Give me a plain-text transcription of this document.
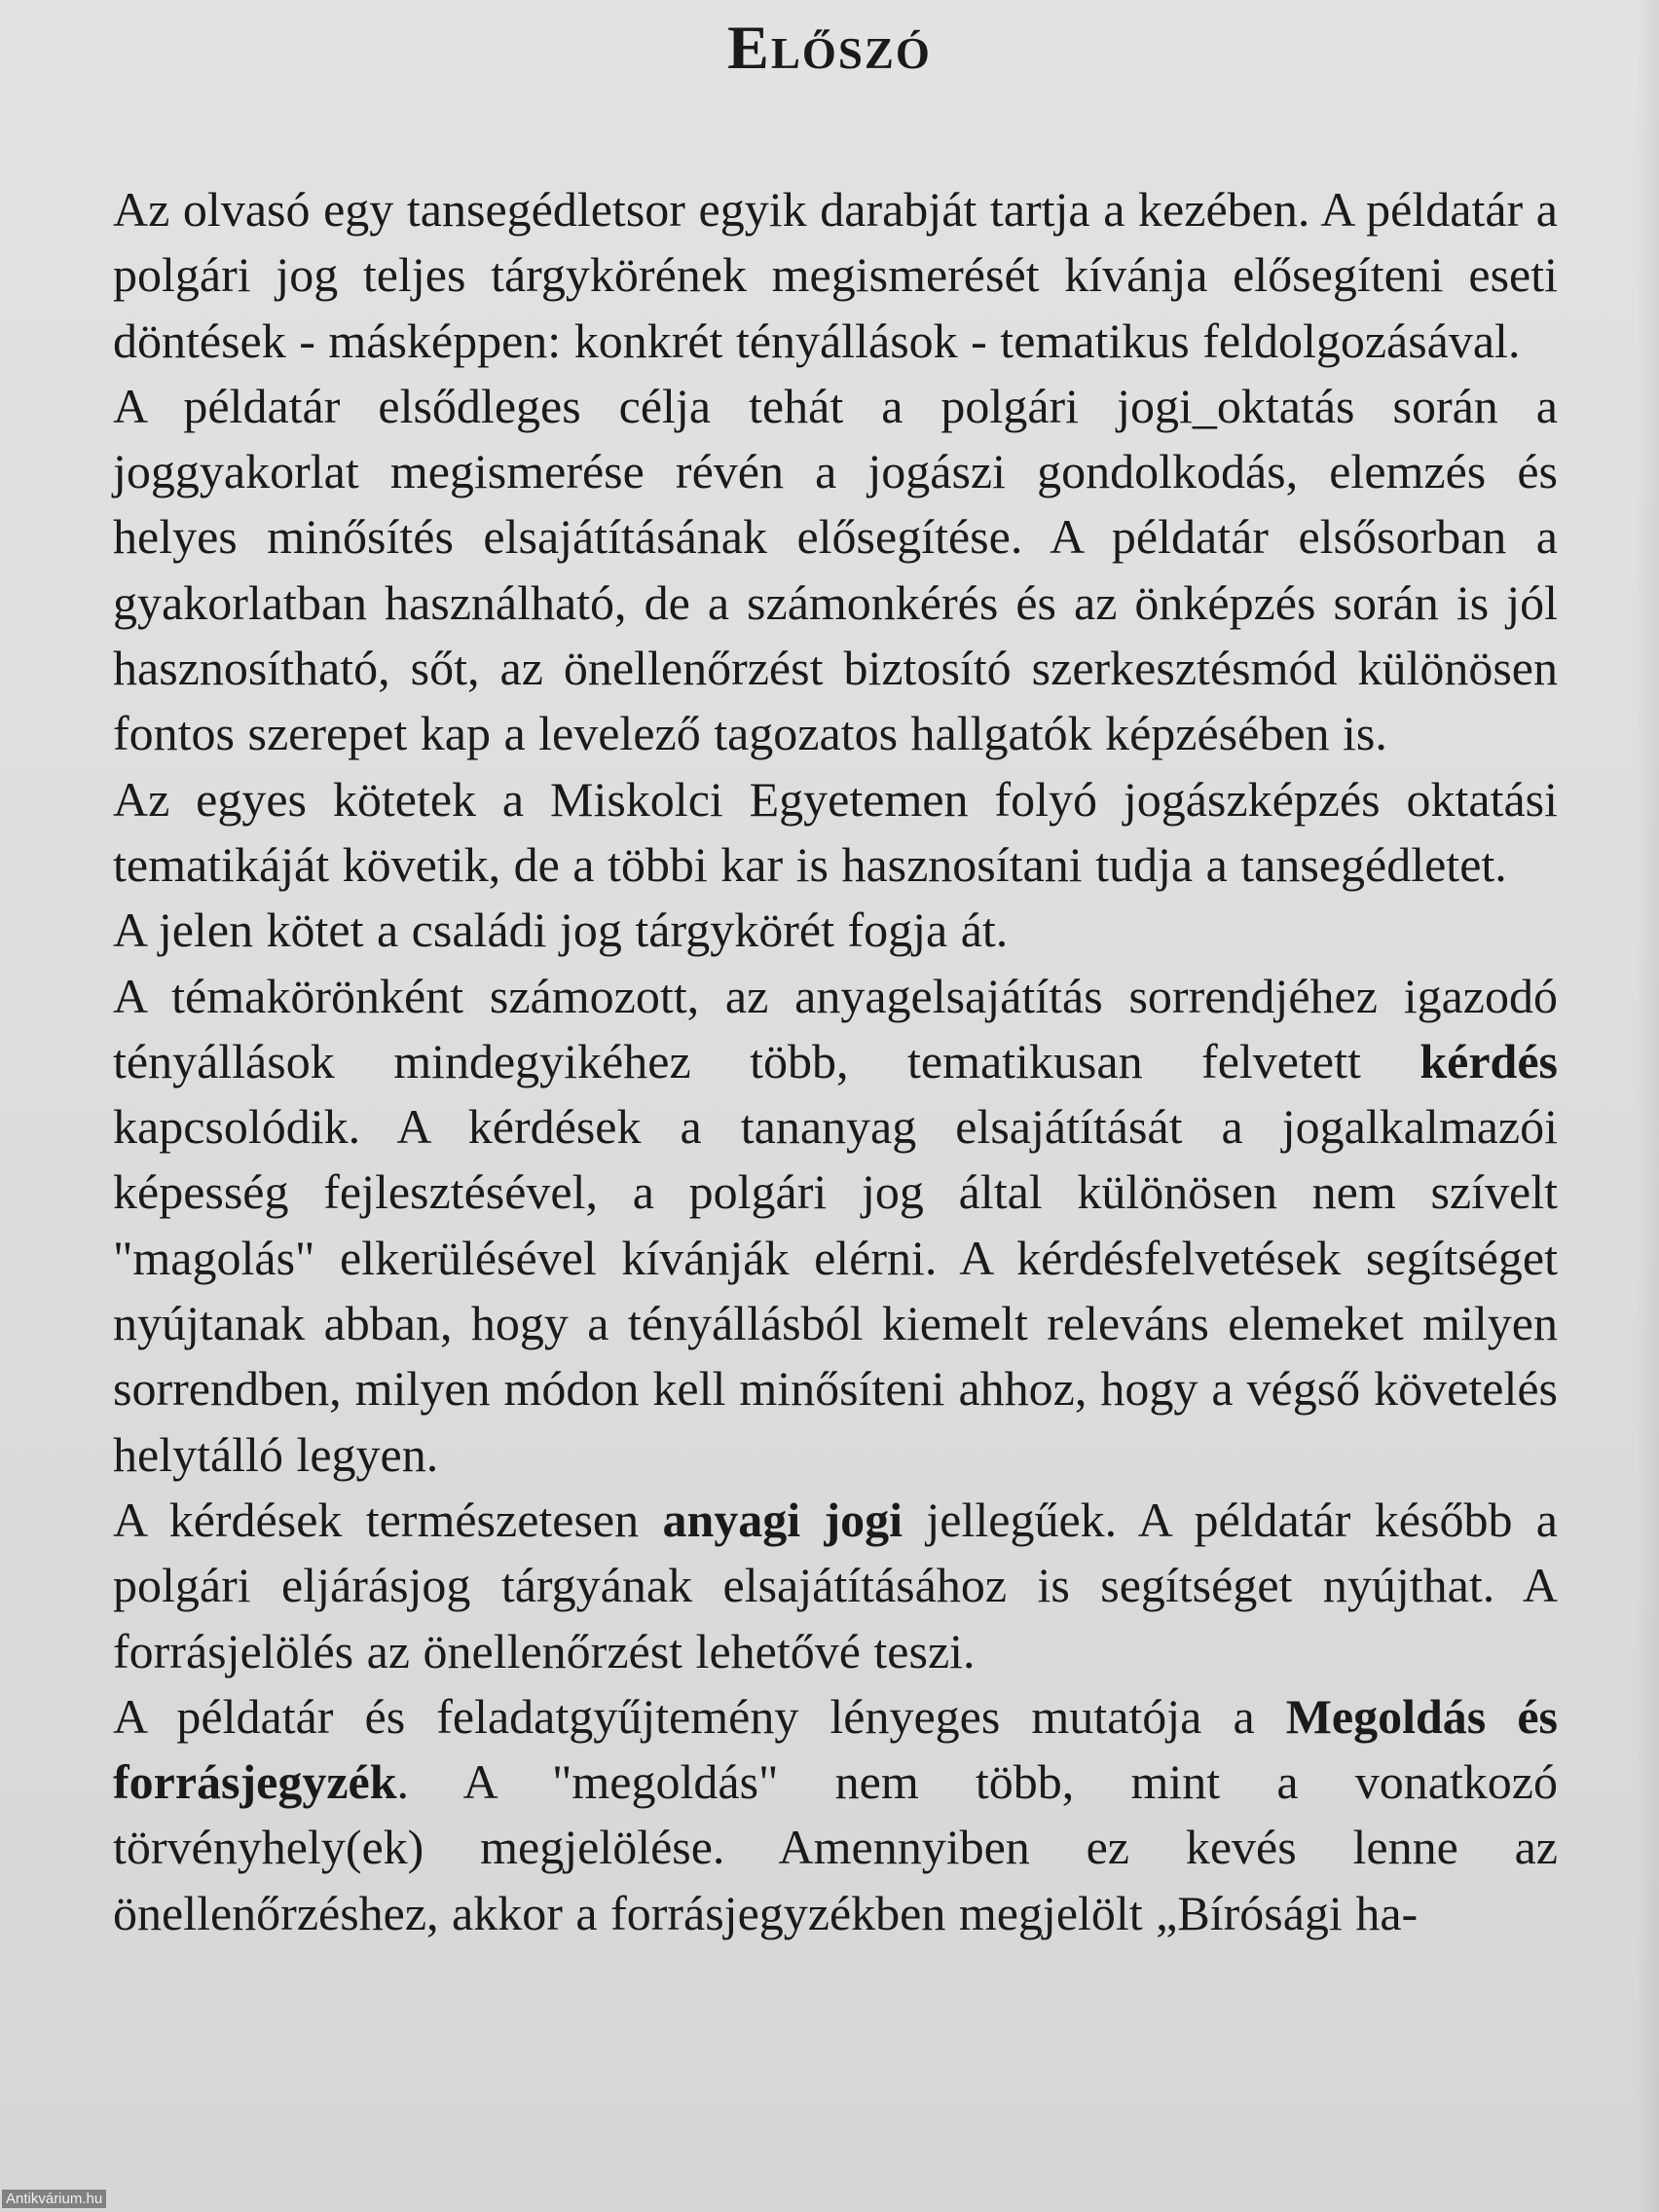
Előszó

Az olvasó egy tansegédletsor egyik darabját tartja a kezében. A példatár a polgári jog teljes tárgykörének megismerését kívánja elősegíteni eseti döntések - másképpen: konkrét tényállások - tematikus feldolgozásával.

A példatár elsődleges célja tehát a polgári jogi_oktatás során a joggyakorlat megismerése révén a jogászi gondolkodás, elemzés és helyes minősítés elsajátításának elősegítése. A példatár elsősorban a gyakorlatban használható, de a számonkérés és az önképzés során is jól hasznosítható, sőt, az önellenőrzést biztosító szerkesztésmód különösen fontos szerepet kap a levelező tagozatos hallgatók képzésében is.

Az egyes kötetek a Miskolci Egyetemen folyó jogászképzés oktatási tematikáját követik, de a többi kar is hasznosítani tudja a tansegédletet.

A jelen kötet a családi jog tárgykörét fogja át.

A témakörönként számozott, az anyagelsajátítás sorrendjéhez igazodó tényállások mindegyikéhez több, tematikusan felvetett kérdés kapcsolódik. A kérdések a tananyag elsajátítását a jogalkalmazói képesség fejlesztésével, a polgári jog által különösen nem szívelt "magolás" elkerülésével kívánják elérni. A kérdésfelvetések segítséget nyújtanak abban, hogy a tényállásból kiemelt releváns elemeket milyen sorrendben, milyen módon kell minősíteni ahhoz, hogy a végső követelés helytálló legyen.

A kérdések természetesen anyagi jogi jellegűek. A példatár később a polgári eljárásjog tárgyának elsajátításához is segítséget nyújthat. A forrásjelölés az önellenőrzést lehetővé teszi.

A példatár és feladatgyűjtemény lényeges mutatója a Megoldás és forrásjegyzék. A "megoldás" nem több, mint a vonatkozó törvényhely(ek) megjelölése. Amennyiben ez kevés lenne az önellenőrzéshez, akkor a forrásjegyzékben megjelölt „Bírósági ha-

Antikvárium.hu
